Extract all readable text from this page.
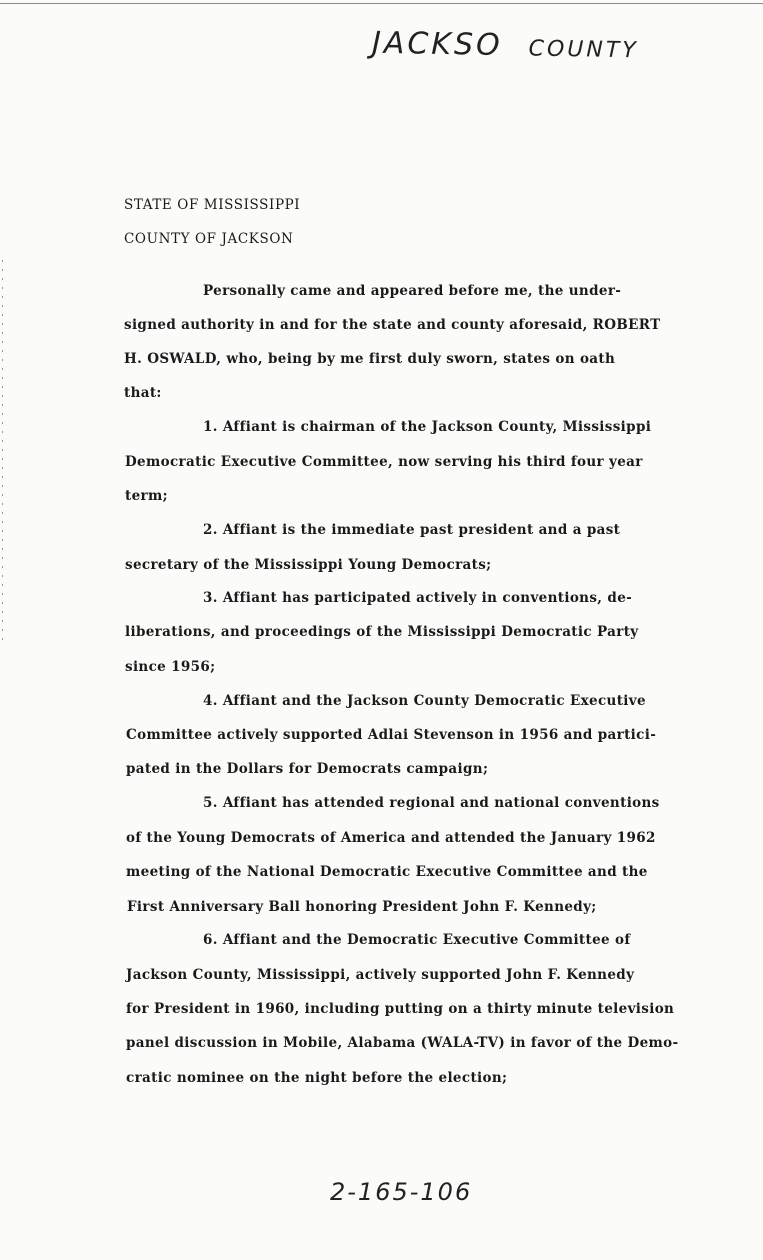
JACKSO COUNTY
STATE OF MISSISSIPPI
COUNTY OF JACKSON
Personally came and appeared before me, the under-
signed authority in and for the state and county aforesaid, ROBERT
H. OSWALD, who, being by me first duly sworn, states on oath
that:
1. Affiant is chairman of the Jackson County, Mississippi
Democratic Executive Committee, now serving his third four year
term;
2. Affiant is the immediate past president and a past
secretary of the Mississippi Young Democrats;
3. Affiant has participated actively in conventions, de-
liberations, and proceedings of the Mississippi Democratic Party
since 1956;
4. Affiant and the Jackson County Democratic Executive
Committee actively supported Adlai Stevenson in 1956 and partici-
pated in the Dollars for Democrats campaign;
5. Affiant has attended regional and national conventions
of the Young Democrats of America and attended the January 1962
meeting of the National Democratic Executive Committee and the
First Anniversary Ball honoring President John F. Kennedy;
6. Affiant and the Democratic Executive Committee of
Jackson County, Mississippi, actively supported John F. Kennedy
for President in 1960, including putting on a thirty minute television
panel discussion in Mobile, Alabama (WALA-TV) in favor of the Demo-
cratic nominee on the night before the election;
2-165-106
